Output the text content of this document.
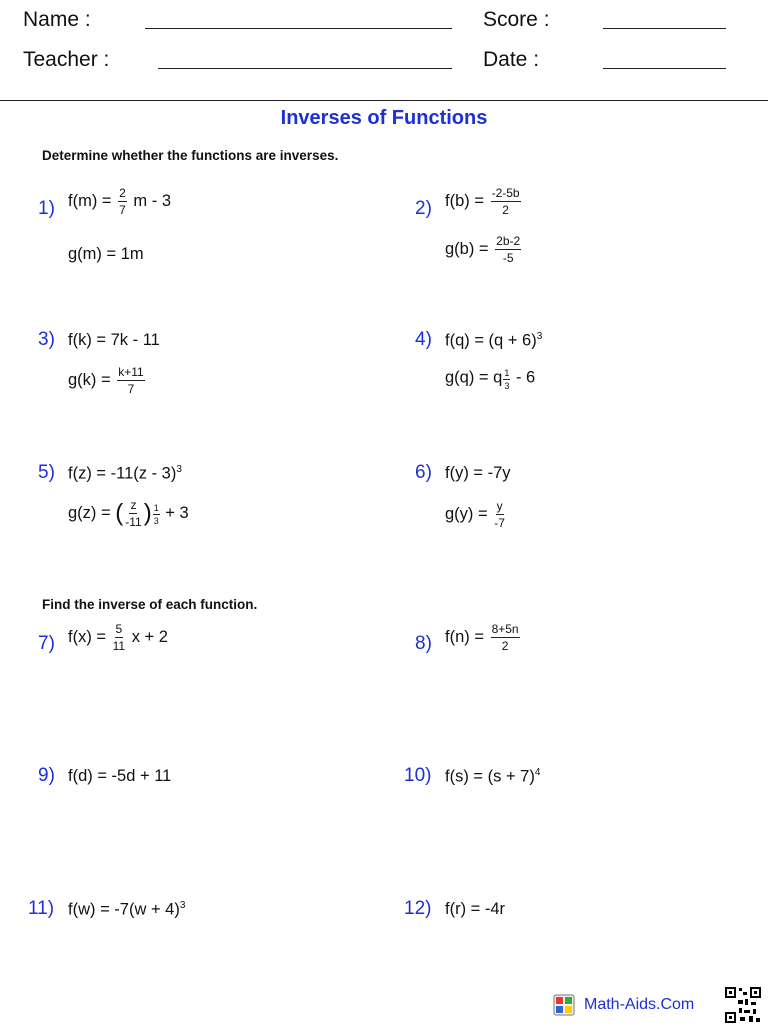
Name :	Score :
Teacher :	Date :
Inverses of Functions
Determine whether the functions are inverses.
1) $f(m) = \frac{2}{7}$ m - 3
g(m) = 1m
2) $f(b) = \frac{-2-5b}{2}$
$g(b) = \frac{2b-2}{-5}$
3) f(k) = 7k - 11
$g(k) = \frac{k+11}{7}$
4) $f(q) = (q + 6)^3$
g(q) = q $\frac{1}{3} - 6$
5) f(z) = -11(z - 3)$^3$
g(z) = ( $\frac{z}{-11}$ ) $\frac{1}{3} + 3$
6) f(y) = -7y
$g(y) = \frac{y}{-7}$
Find the inverse of each function.
7) $f(x) = \frac{5}{11}$ x + 2	8) $f(n) = \frac{8+5n}{2}$
9) f(d) = -5d + 11	10) $f(s) = (s + 7)^4$
11) $f(w) = -7(w + 4)^3$	12) f(r) = -4r
Math-Aids.Com
